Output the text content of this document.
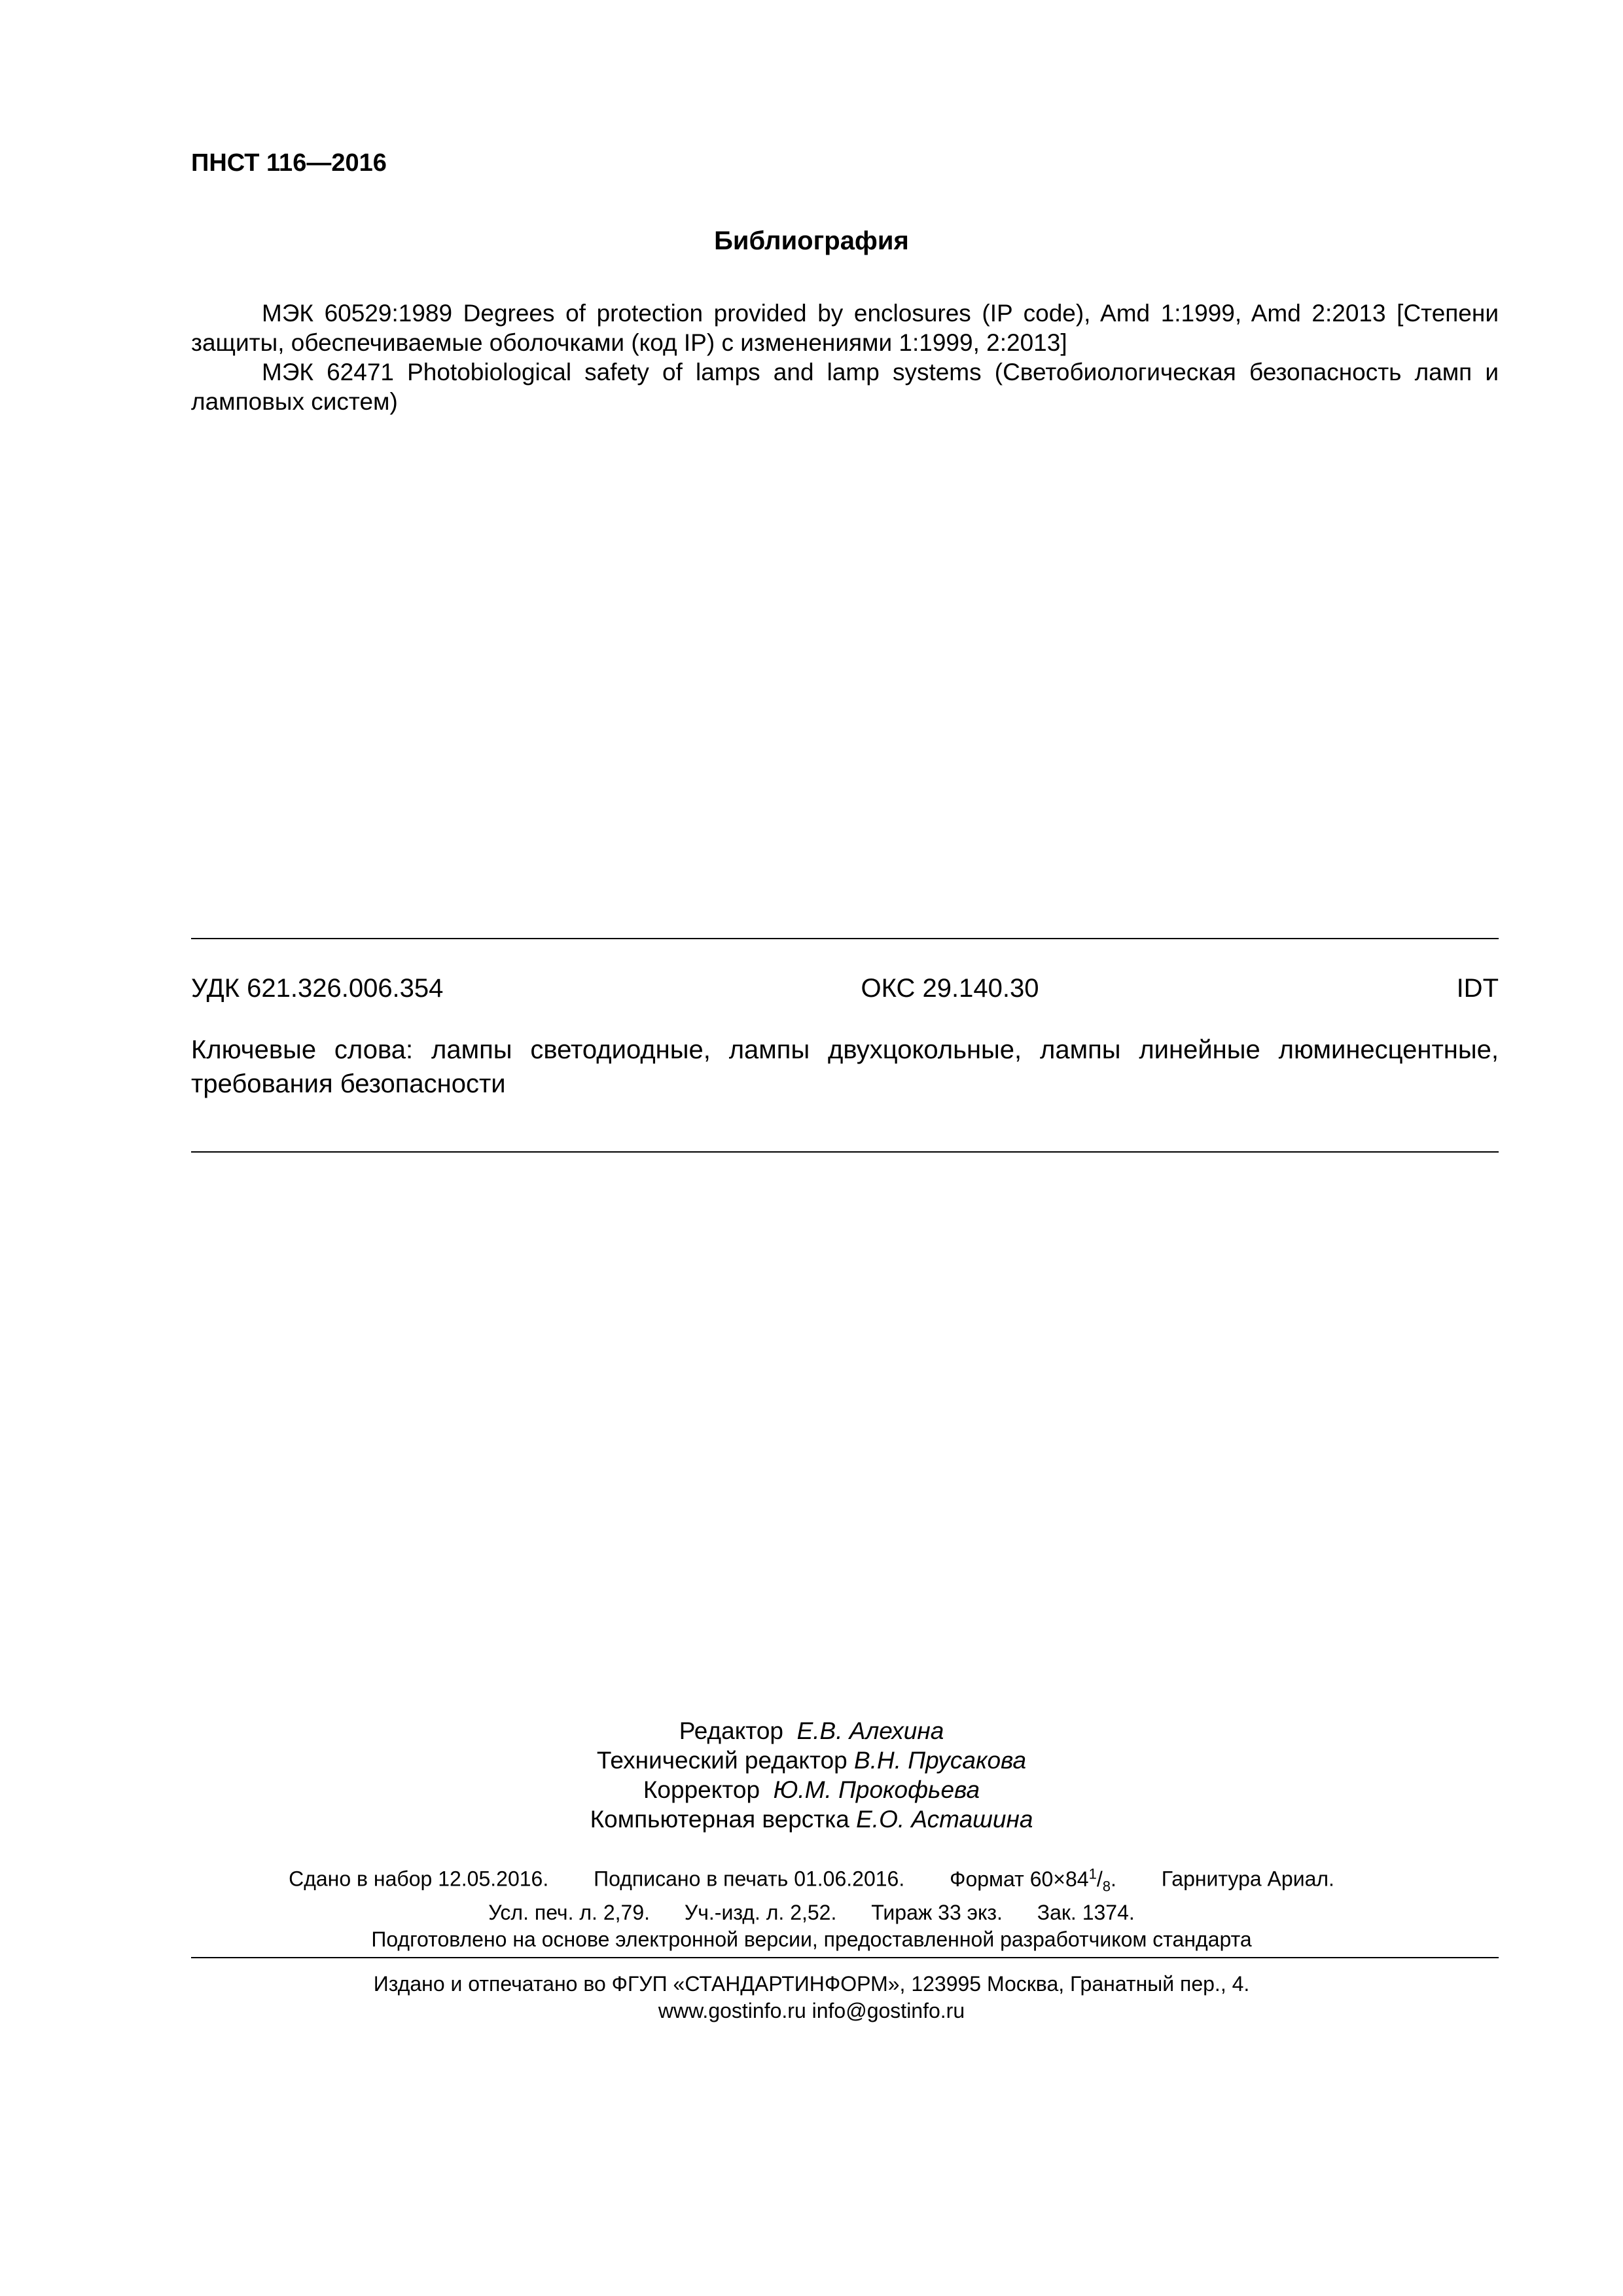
ПНСТ 116—2016
Библиография

МЭК 60529:1989 Degrees of protection provided by enclosures (IP code), Amd 1:1999, Amd 2:2013 [Степени защиты, обеспечиваемые оболочками (код IP) с изменениями 1:1999, 2:2013]

МЭК 62471 Photobiological safety of lamps and lamp systems (Светобиологическая безопасность ламп и ламповых систем)

УДК 621.326.006.354	ОКС 29.140.30	IDT
Ключевые слова: лампы светодиодные, лампы двухцокольные, лампы линейные люминесцентные, требования безопасности
Редактор Е.В. Алехина
Технический редактор В.Н. Прусакова
Корректор Ю.М. Прокофьева
Компьютерная верстка Е.О. Асташина
Сдано в набор 12.05.2016. Подписано в печать 01.06.2016. Формат $60\times 84^1/_8$. Гарнитура Ариал.
Усл. печ. л. 2,79. Уч.-изд. л. 2,52. Тираж 33 экз. Зак. 1374.
Подготовлено на основе электронной версии, предоставленной разработчиком стандарта
Издано и отпечатано во ФГУП «СТАНДАРТИНФОРМ», 123995 Москва, Гранатный пер., 4.
www.gostinfo.ru info@gostinfo.ru
